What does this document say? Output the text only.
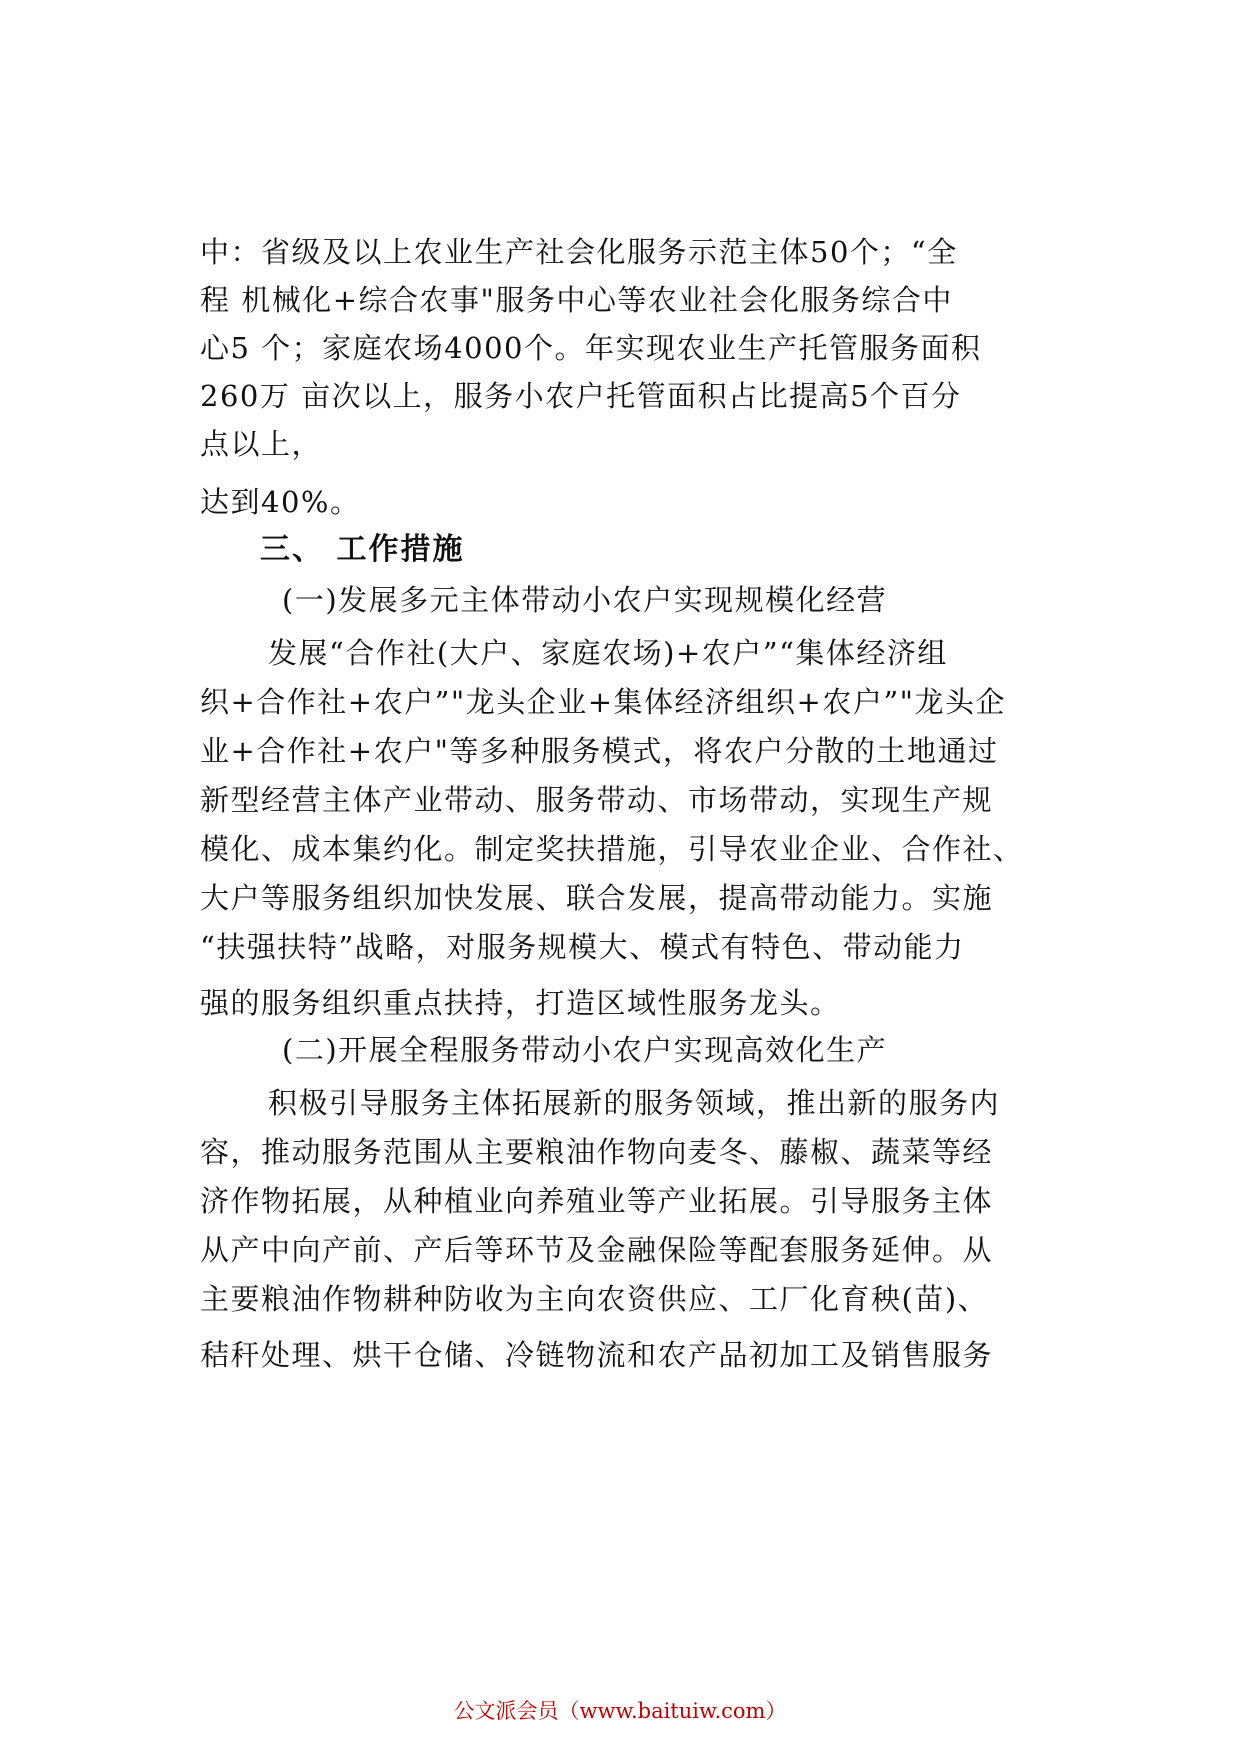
中：省级及以上农业生产社会化服务示范主体50个；“全
程 机械化+综合农事"服务中心等农业社会化服务综合中
心5 个；家庭农场4000个。年实现农业生产托管服务面积
260万 亩次以上，服务小农户托管面积占比提高5个百分
点以上，
达到40%。
三、 工作措施
(一)发展多元主体带动小农户实现规模化经营
发展“合作社(大户、家庭农场)+农户”“集体经济组
织+合作社+农户”"龙头企业+集体经济组织+农户”"龙头企
业+合作社+农户"等多种服务模式，将农户分散的土地通过
新型经营主体产业带动、服务带动、市场带动，实现生产规
模化、成本集约化。制定奖扶措施，引导农业企业、合作社、
大户等服务组织加快发展、联合发展，提高带动能力。实施
“扶强扶特”战略，对服务规模大、模式有特色、带动能力
强的服务组织重点扶持，打造区域性服务龙头。
(二)开展全程服务带动小农户实现高效化生产
积极引导服务主体拓展新的服务领域，推出新的服务内
容，推动服务范围从主要粮油作物向麦冬、藤椒、蔬菜等经
济作物拓展，从种植业向养殖业等产业拓展。引导服务主体
从产中向产前、产后等环节及金融保险等配套服务延伸。从
主要粮油作物耕种防收为主向农资供应、工厂化育秧(苗)、
秸秆处理、烘干仓储、冷链物流和农产品初加工及销售服务
公文派会员（www.baituiw.com）
